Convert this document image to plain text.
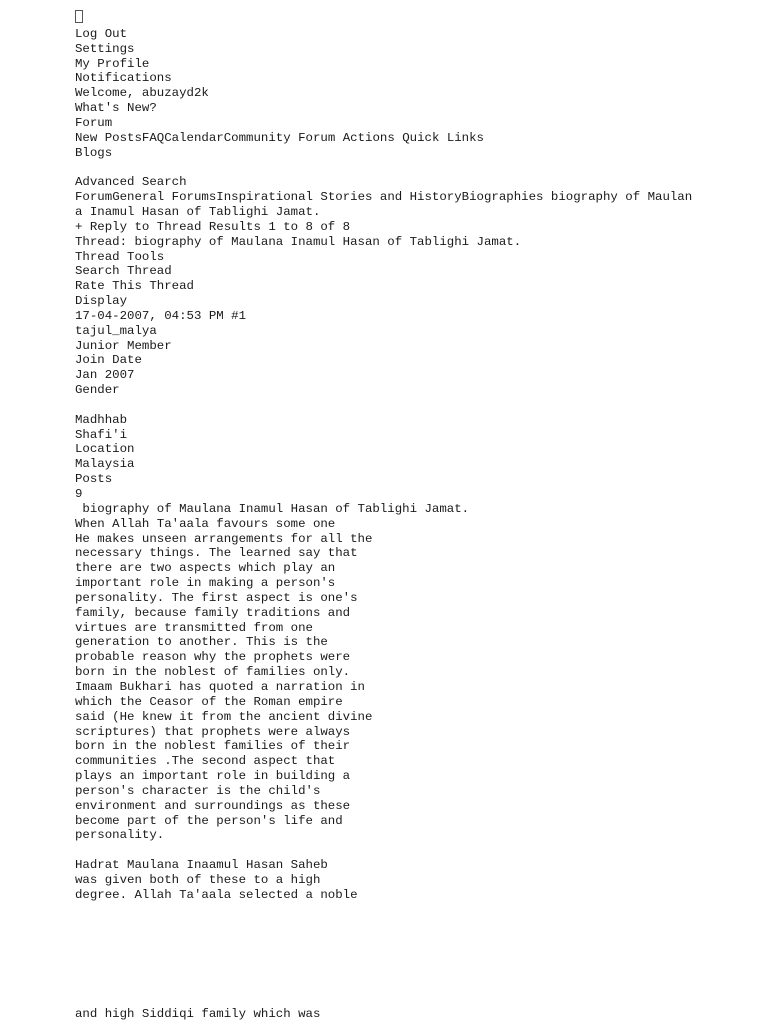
Log Out
Settings
My Profile
Notifications
Welcome, abuzayd2k
What's New?
Forum
New PostsFAQCalendarCommunity Forum Actions Quick Links
Blogs
Advanced Search
ForumGeneral ForumsInspirational Stories and HistoryBiographies biography of Maulana Inamul Hasan of Tablighi Jamat.
+ Reply to Thread Results 1 to 8 of 8
Thread: biography of Maulana Inamul Hasan of Tablighi Jamat.
Thread Tools
Search Thread
Rate This Thread
Display
17-04-2007, 04:53 PM #1
tajul_malya
Junior Member
Join Date
Jan 2007
Gender
Madhhab
Shafi'i
Location
Malaysia
Posts
9
biography of Maulana Inamul Hasan of Tablighi Jamat.
When Allah Ta'aala favours some one
He makes unseen arrangements for all the
necessary things. The learned say that
there are two aspects which play an
important role in making a person's
personality. The first aspect is one's
family, because family traditions and
virtues are transmitted from one
generation to another. This is the
probable reason why the prophets were
born in the noblest of families only.
Imaam Bukhari has quoted a narration in
which the Ceasor of the Roman empire
said (He knew it from the ancient divine
scriptures) that prophets were always
born in the noblest families of their
communities .The second aspect that
plays an important role in building a
person's character is the child's
environment and surroundings as these
become part of the person's life and
personality.
Hadrat Maulana Inaamul Hasan Saheb
was given both of these to a high
degree. Allah Ta'aala selected a noble
and high Siddiqi family which was
